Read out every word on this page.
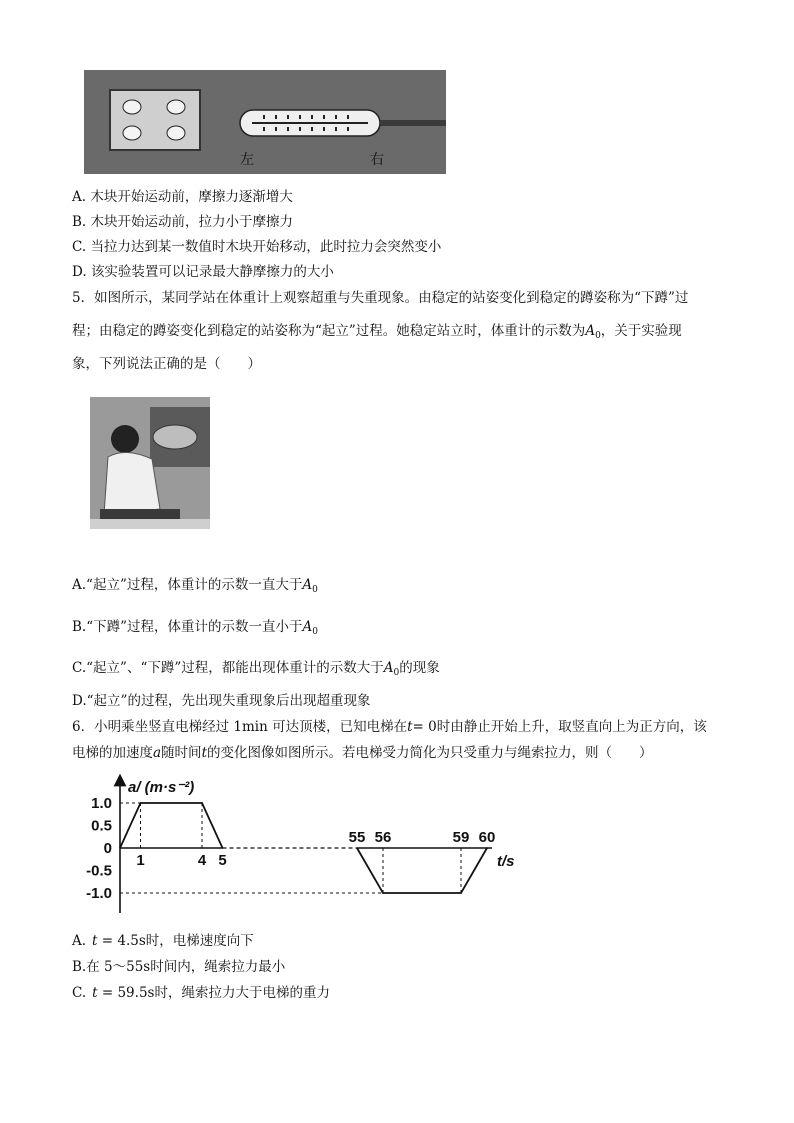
左	右
A. 木块开始运动前，摩擦力逐渐增大
B. 木块开始运动前，拉力小于摩擦力
C. 当拉力达到某一数值时木块开始移动，此时拉力会突然变小
D. 该实验装置可以记录最大静摩擦力的大小
5．如图所示，某同学站在体重计上观察超重与失重现象。由稳定的站姿变化到稳定的蹲姿称为“下蹲”过
程；由稳定的蹲姿变化到稳定的站姿称为“起立”过程。她稳定站立时，体重计的示数为$A_0$，关于实验现
象，下列说法正确的是（　　）
A.“起立”过程，体重计的示数一直大于$A_0$
B.“下蹲”过程，体重计的示数一直小于$A_0$
C.“起立”、“下蹲”过程，都能出现体重计的示数大于$A_0$的现象
D.“起立”的过程，先出现失重现象后出现超重现象
6．小明乘坐竖直电梯经过 1min 可达顶楼，已知电梯在t= 0时由静止开始上升，取竖直向上为正方向，该
电梯的加速度a随时间t的变化图像如图所示。若电梯受力简化为只受重力与绳索拉力，则（　　）
1.0
0.5
0
-0.5
-1.0
a/ (m·s⁻²)
t/s
1	4 5
55 56	59 60
A. t = 4.5s时，电梯速度向下
B.在 5～55s时间内，绳索拉力最小
C. t = 59.5s时，绳索拉力大于电梯的重力
